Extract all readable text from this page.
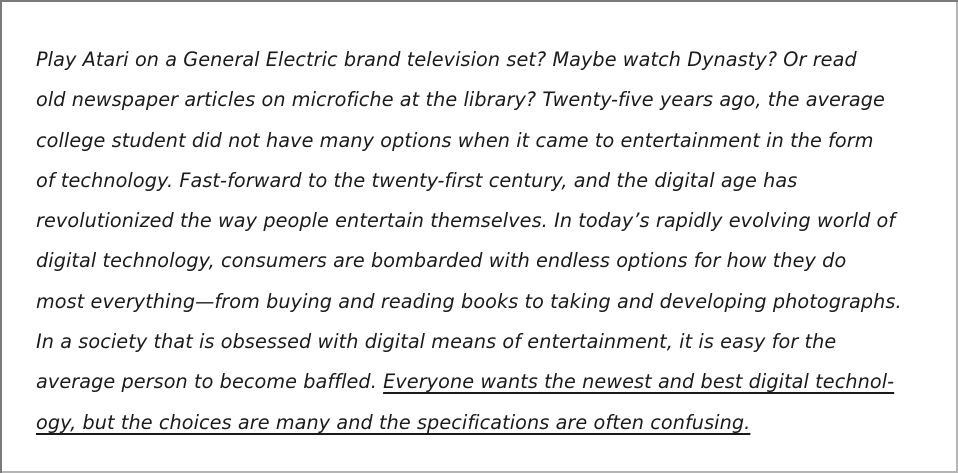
Play Atari on a General Electric brand television set? Maybe watch Dynasty? Or read
old newspaper articles on microfiche at the library? Twenty-five years ago, the average
college student did not have many options when it came to entertainment in the form
of technology. Fast-forward to the twenty-first century, and the digital age has
revolutionized the way people entertain themselves. In today’s rapidly evolving world of
digital technology, consumers are bombarded with endless options for how they do
most everything—from buying and reading books to taking and developing photographs.
In a society that is obsessed with digital means of entertainment, it is easy for the
average person to become baffled. Everyone wants the newest and best digital technol-
ogy, but the choices are many and the specifications are often confusing.
